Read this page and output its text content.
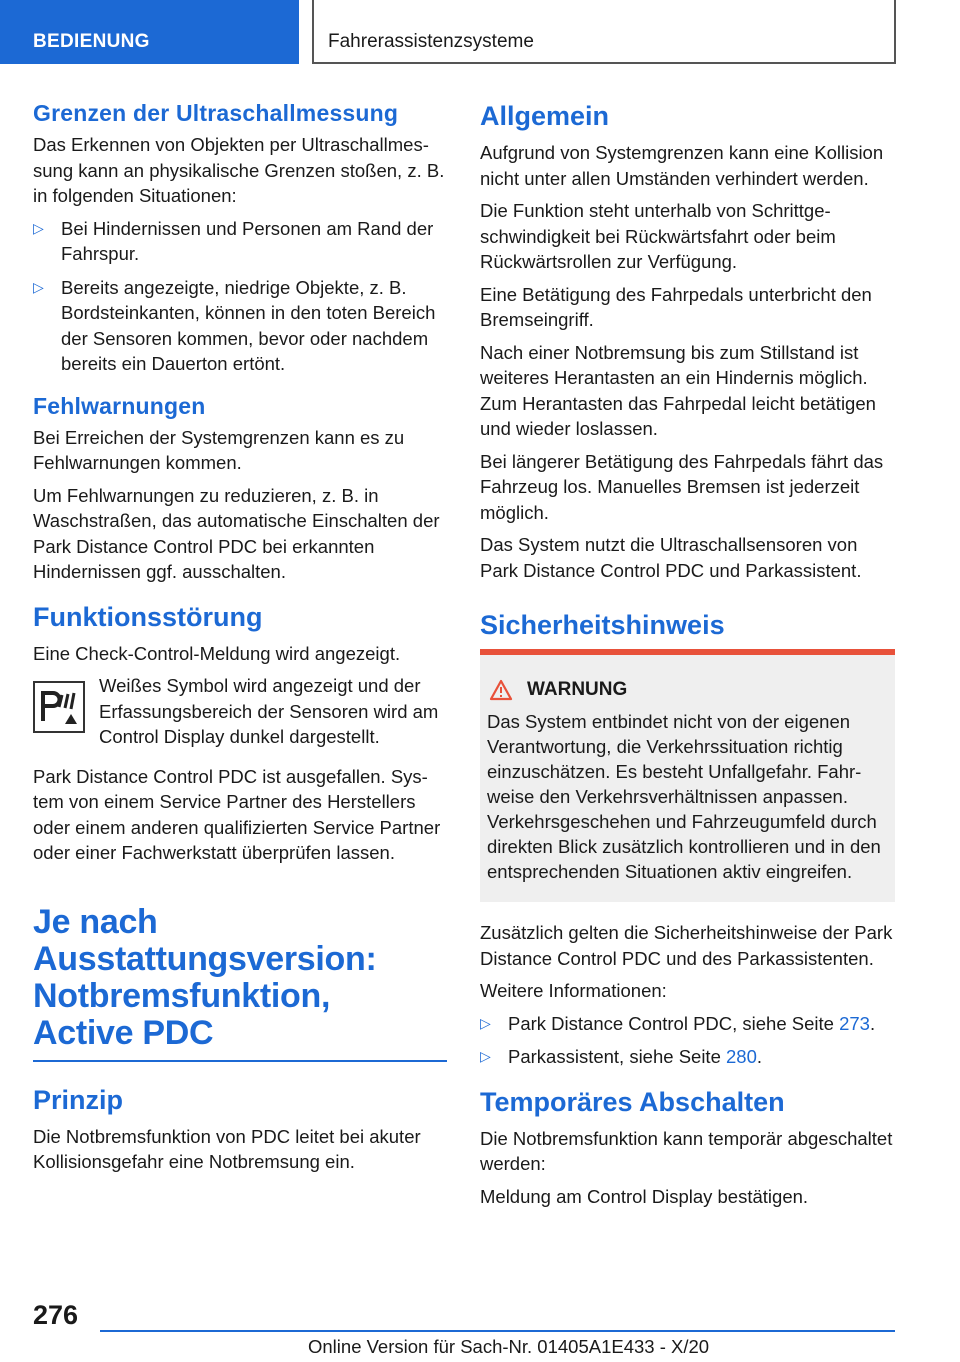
BEDIENUNG	Fahrerassistenzsysteme
Grenzen der Ultraschallmessung

Das Erkennen von Objekten per Ultraschallmessung kann an physikalische Grenzen stoßen, z. B. in folgenden Situationen:

▷ Bei Hindernissen und Personen am Rand der Fahrspur.
▷ Bereits angezeigte, niedrige Objekte, z. B. Bordsteinkanten, können in den toten Bereich der Sensoren kommen, bevor oder nachdem bereits ein Dauerton ertönt.
Fehlwarnungen

Bei Erreichen der Systemgrenzen kann es zu Fehlwarnungen kommen.

Um Fehlwarnungen zu reduzieren, z. B. in Waschstraßen, das automatische Einschalten der Park Distance Control PDC bei erkannten Hindernissen ggf. ausschalten.

Funktionsstörung

Eine Check-Control-Meldung wird angezeigt.

Weißes Symbol wird angezeigt und der Erfassungsbereich der Sensoren wird am Control Display dunkel dargestellt.

Park Distance Control PDC ist ausgefallen. System von einem Service Partner des Herstellers oder einem anderen qualifizierten Service Partner oder einer Fachwerkstatt überprüfen lassen.

Je nach
Ausstattungsversion:
Notbremsfunktion,
Active PDC
Prinzip

Die Notbremsfunktion von PDC leitet bei akuter Kollisionsgefahr eine Notbremsung ein.

Allgemein

Aufgrund von Systemgrenzen kann eine Kollision nicht unter allen Umständen verhindert werden.

Die Funktion steht unterhalb von Schrittgeschwindigkeit bei Rückwärtsfahrt oder beim Rückwärtsrollen zur Verfügung.

Eine Betätigung des Fahrpedals unterbricht den Bremseingriff.

Nach einer Notbremsung bis zum Stillstand ist weiteres Herantasten an ein Hindernis möglich. Zum Herantasten das Fahrpedal leicht betätigen und wieder loslassen.

Bei längerer Betätigung des Fahrpedals fährt das Fahrzeug los. Manuelles Bremsen ist jederzeit möglich.

Das System nutzt die Ultraschallsensoren von Park Distance Control PDC und Parkassistent.

Sicherheitshinweis
WARNUNG

Das System entbindet nicht von der eigenen Verantwortung, die Verkehrssituation richtig einzuschätzen. Es besteht Unfallgefahr. Fahrweise den Verkehrsverhältnissen anpassen. Verkehrsgeschehen und Fahrzeugumfeld durch direkten Blick zusätzlich kontrollieren und in den entsprechenden Situationen aktiv eingreifen.

Zusätzlich gelten die Sicherheitshinweise der Park Distance Control PDC und des Parkassistenten.

Weitere Informationen:

▷ Park Distance Control PDC, siehe Seite 273.
▷ Parkassistent, siehe Seite 280.
Temporäres Abschalten

Die Notbremsfunktion kann temporär abgeschaltet werden:

Meldung am Control Display bestätigen.

276
Online Version für Sach-Nr. 01405A1E433 - X/20
